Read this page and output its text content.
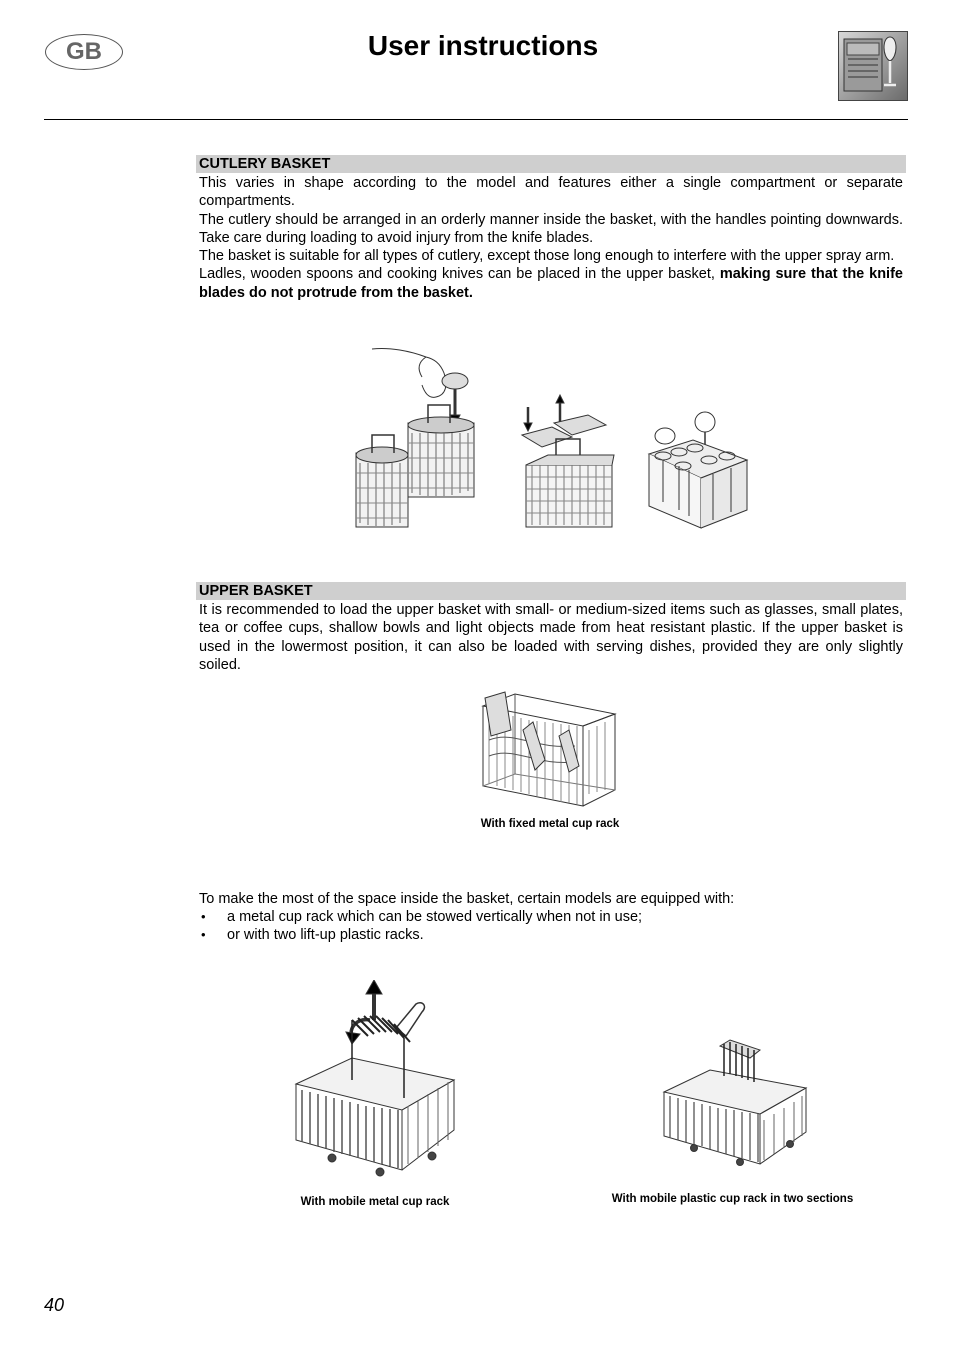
GB	User instructions
CUTLERY BASKET

This varies in shape according to the model and features either a single compartment or separate compartments.

The cutlery should be arranged in an orderly manner inside the basket, with the handles pointing downwards. Take care during loading to avoid injury from the knife blades.

The basket is suitable for all types of cutlery, except those long enough to interfere with the upper spray arm.

Ladles, wooden spoons and cooking knives can be placed in the upper basket, making sure that the knife blades do not protrude from the basket.

UPPER BASKET

It is recommended to load the upper basket with small- or medium-sized items such as glasses, small plates, tea or coffee cups, shallow bowls and light objects made from heat resistant plastic. If the upper basket is used in the lowermost position, it can also be loaded with serving dishes, provided they are only slightly soiled.

With fixed metal cup rack

To make the most of the space inside the basket, certain models are equipped with:

• a metal cup rack which can be stowed vertically when not in use;
• or with two lift-up plastic racks.
With mobile metal cup rack	With mobile plastic cup rack in two sections
40
